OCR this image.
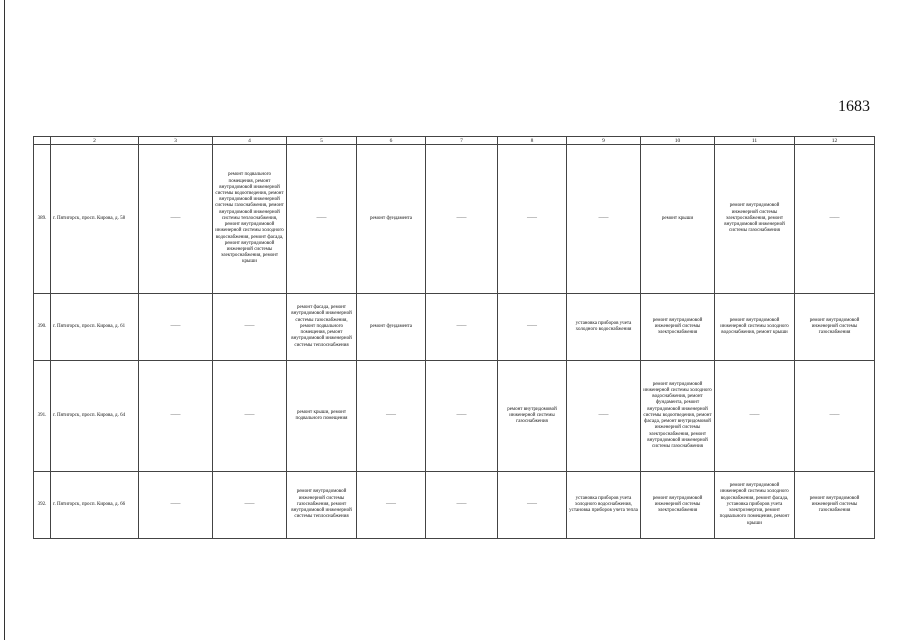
1683
	2	3	4	5	6	7	8	9	10	11	12
389.	г. Пятигорск, просп. Кирова, д. 58	——	ремонт подвального помещения, ремонт внутридомовой инженерной системы водоотведения, ремонт внутридомовой инженерной системы газоснабжения, ремонт внутридомовой инженерной системы теплоснабжения, ремонт внутридомовой инженерной системы холодного водоснабжения, ремонт фасада, ремонт внутридомовой инженерной системы электроснабжения, ремонт крыши	——	ремонт фундамента	——	——	——	ремонт крыши	ремонт внутридомовой инженерной системы электроснабжения, ремонт внутридомовой инженерной системы газоснабжения	——
390.	г. Пятигорск, просп. Кирова, д. 61	——	——	ремонт фасада, ремонт внутридомовой инженерной системы газоснабжения, ремонт подвального помещения, ремонт внутридомовой инженерной системы теплоснабжения	ремонт фундамента	——	——	установка приборов учета холодного водоснабжения	ремонт внутридомовой инженерной системы электроснабжения	ремонт внутридомовой инженерной системы холодного водоснабжения, ремонт крыши	ремонт внутридомовой инженерной системы газоснабжения
391.	г. Пятигорск, просп. Кирова, д. 64	——	——	ремонт крыши, ремонт подвального помещения	——	——	ремонт внутридомовой инженерной системы газоснабжения	——	ремонт внутридомовой инженерной системы холодного водоснабжения, ремонт фундамента, ремонт внутридомовой инженерной системы водоотведения, ремонт фасада, ремонт внутридомовой инженерной системы электроснабжения, ремонт внутридомовой инженерной системы газоснабжения	——	——
392.	г. Пятигорск, просп. Кирова, д. 66	——	——	ремонт внутридомовой инженерной системы газоснабжения, ремонт внутридомовой инженерной системы теплоснабжения	——	——	——	установка приборов учета холодного водоснабжения, установка приборов учета тепла	ремонт внутридомовой инженерной системы электроснабжения	ремонт внутридомовой инженерной системы холодного водоснабжения, ремонт фасада, установка приборов учета электроэнергии, ремонт подвального помещения, ремонт крыши	ремонт внутридомовой инженерной системы газоснабжения
